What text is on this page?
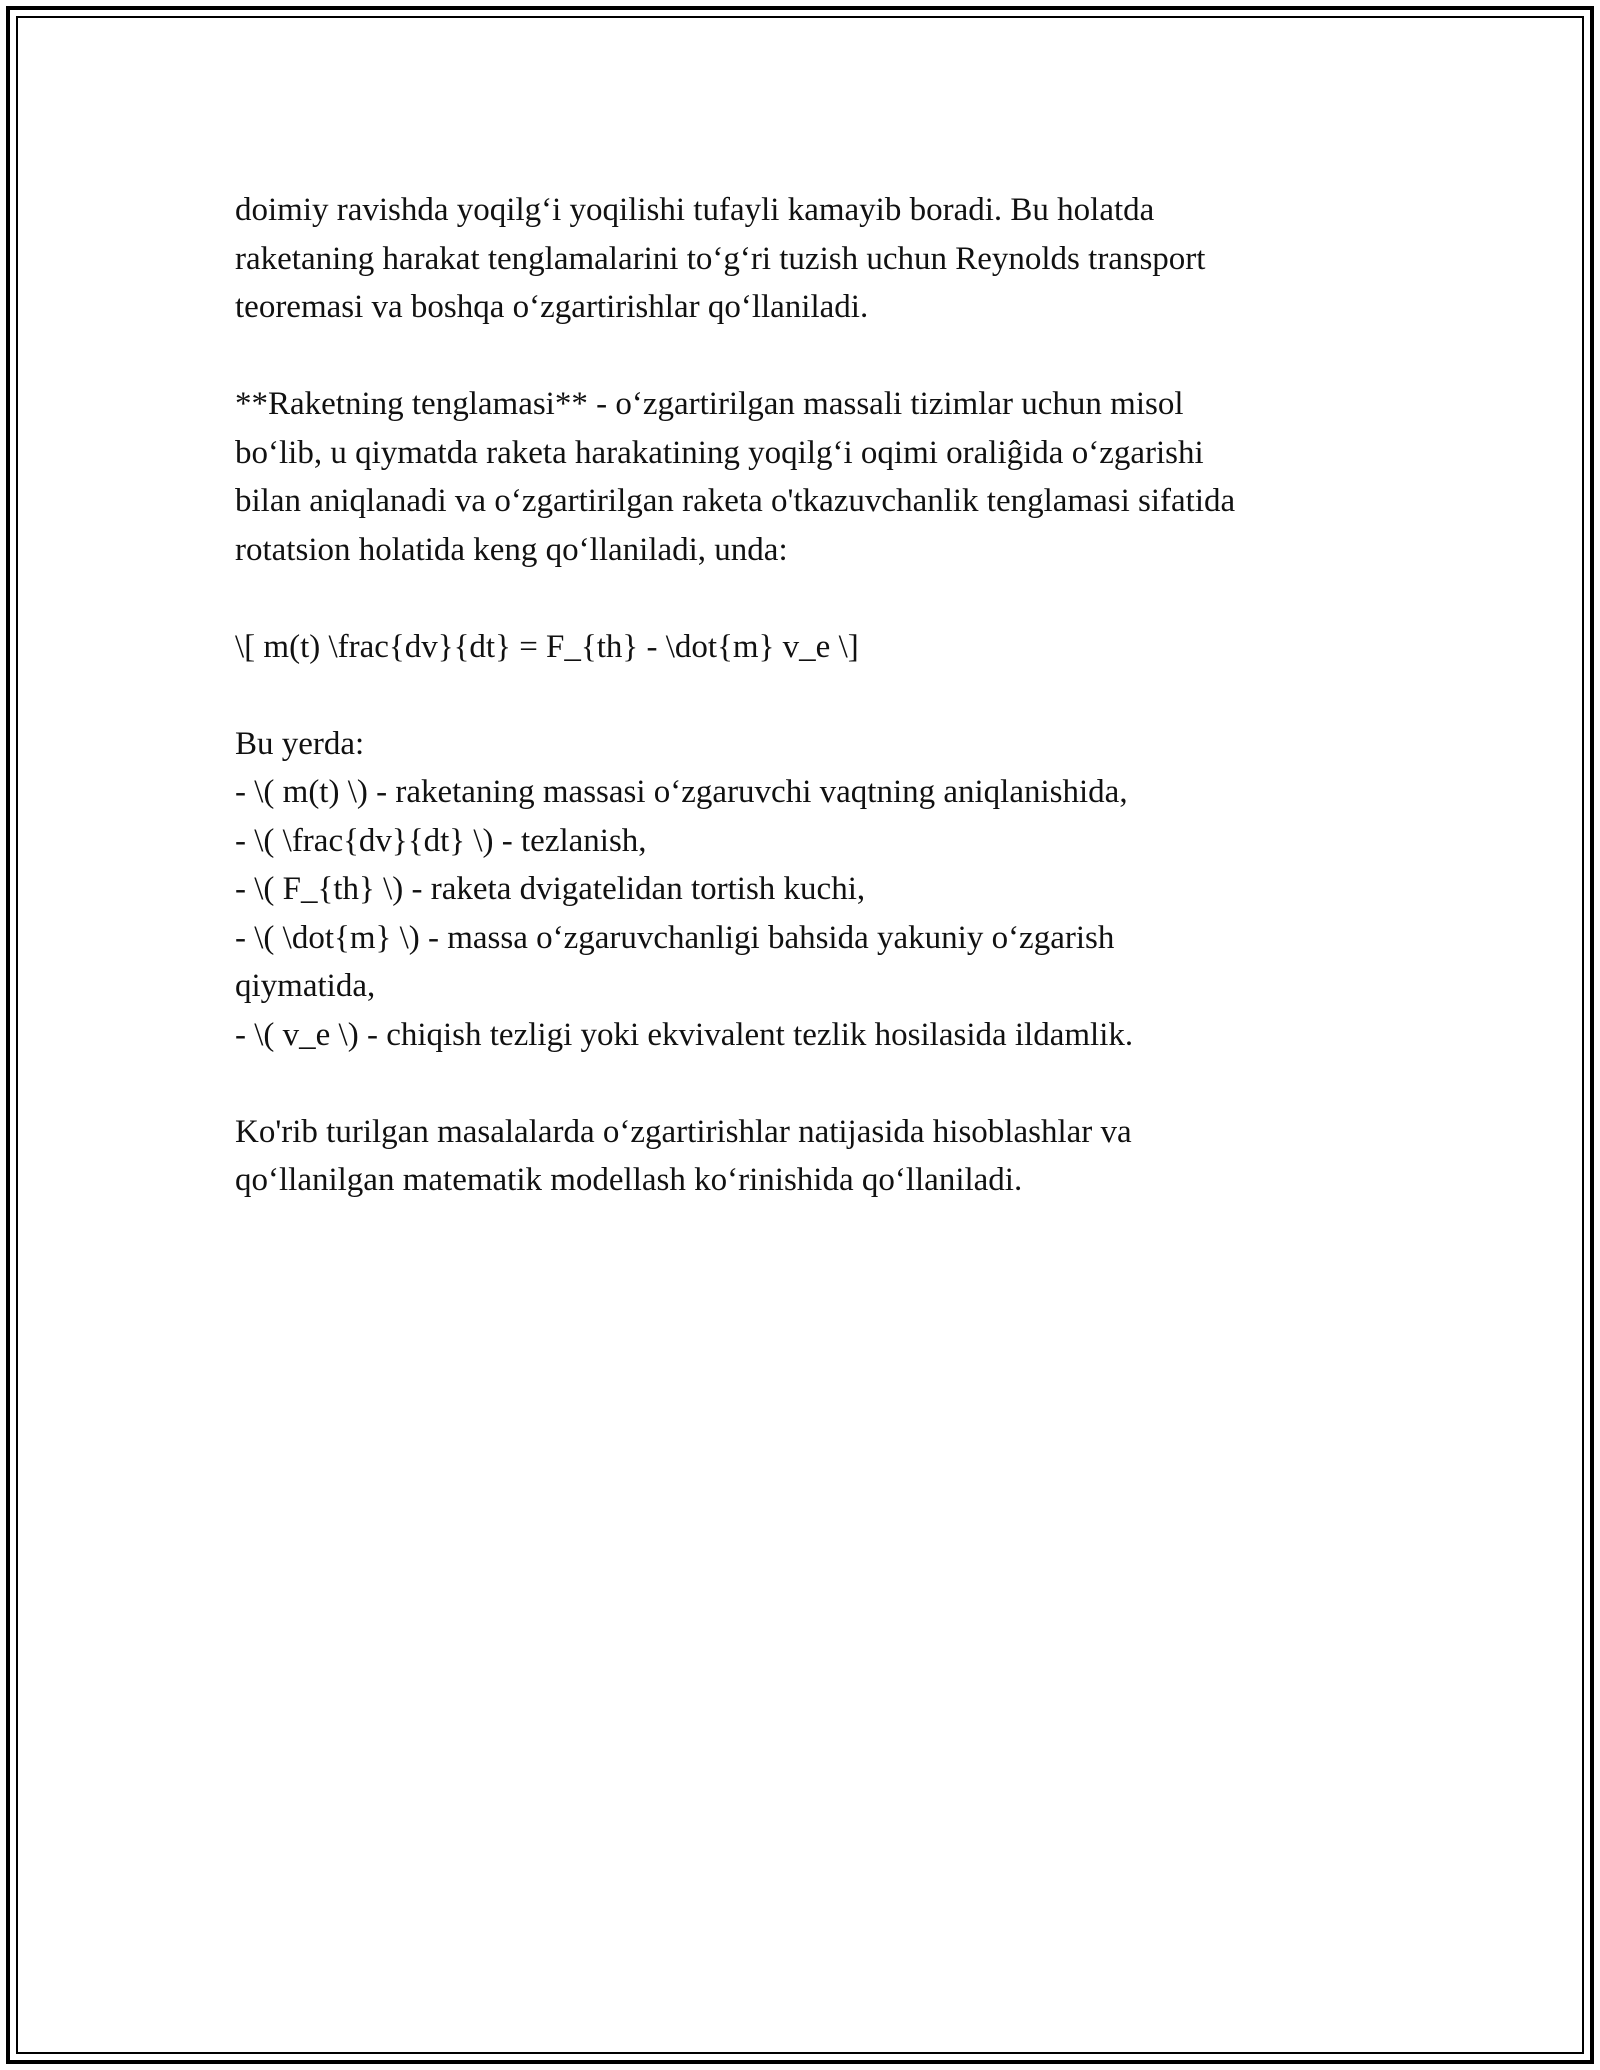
doimiy ravishda yoqilg‘i yoqilishi tufayli kamayib boradi. Bu holatda
raketaning harakat tenglamalarini to‘g‘ri tuzish uchun Reynolds transport
teoremasi va boshqa o‘zgartirishlar qo‘llaniladi.
**Raketning tenglamasi** - o‘zgartirilgan massali tizimlar uchun misol
bo‘lib, u qiymatda raketa harakatining yoqilg‘i oqimi oraliĝida o‘zgarishi
bilan aniqlanadi va o‘zgartirilgan raketa o'tkazuvchanlik tenglamasi sifatida
rotatsion holatida keng qo‘llaniladi, unda:
\[ m(t) \frac{dv}{dt} = F_{th} - \dot{m} v_e \]
Bu yerda:
- \( m(t) \) - raketaning massasi o‘zgaruvchi vaqtning aniqlanishida,
- \( \frac{dv}{dt} \) - tezlanish,
- \( F_{th} \) - raketa dvigatelidan tortish kuchi,
- \( \dot{m} \) - massa o‘zgaruvchanligi bahsida yakuniy o‘zgarish
qiymatida,
- \( v_e \) - chiqish tezligi yoki ekvivalent tezlik hosilasida ildamlik.
Ko'rib turilgan masalalarda o‘zgartirishlar natijasida hisoblashlar va
qo‘llanilgan matematik modellash ko‘rinishida qo‘llaniladi.
